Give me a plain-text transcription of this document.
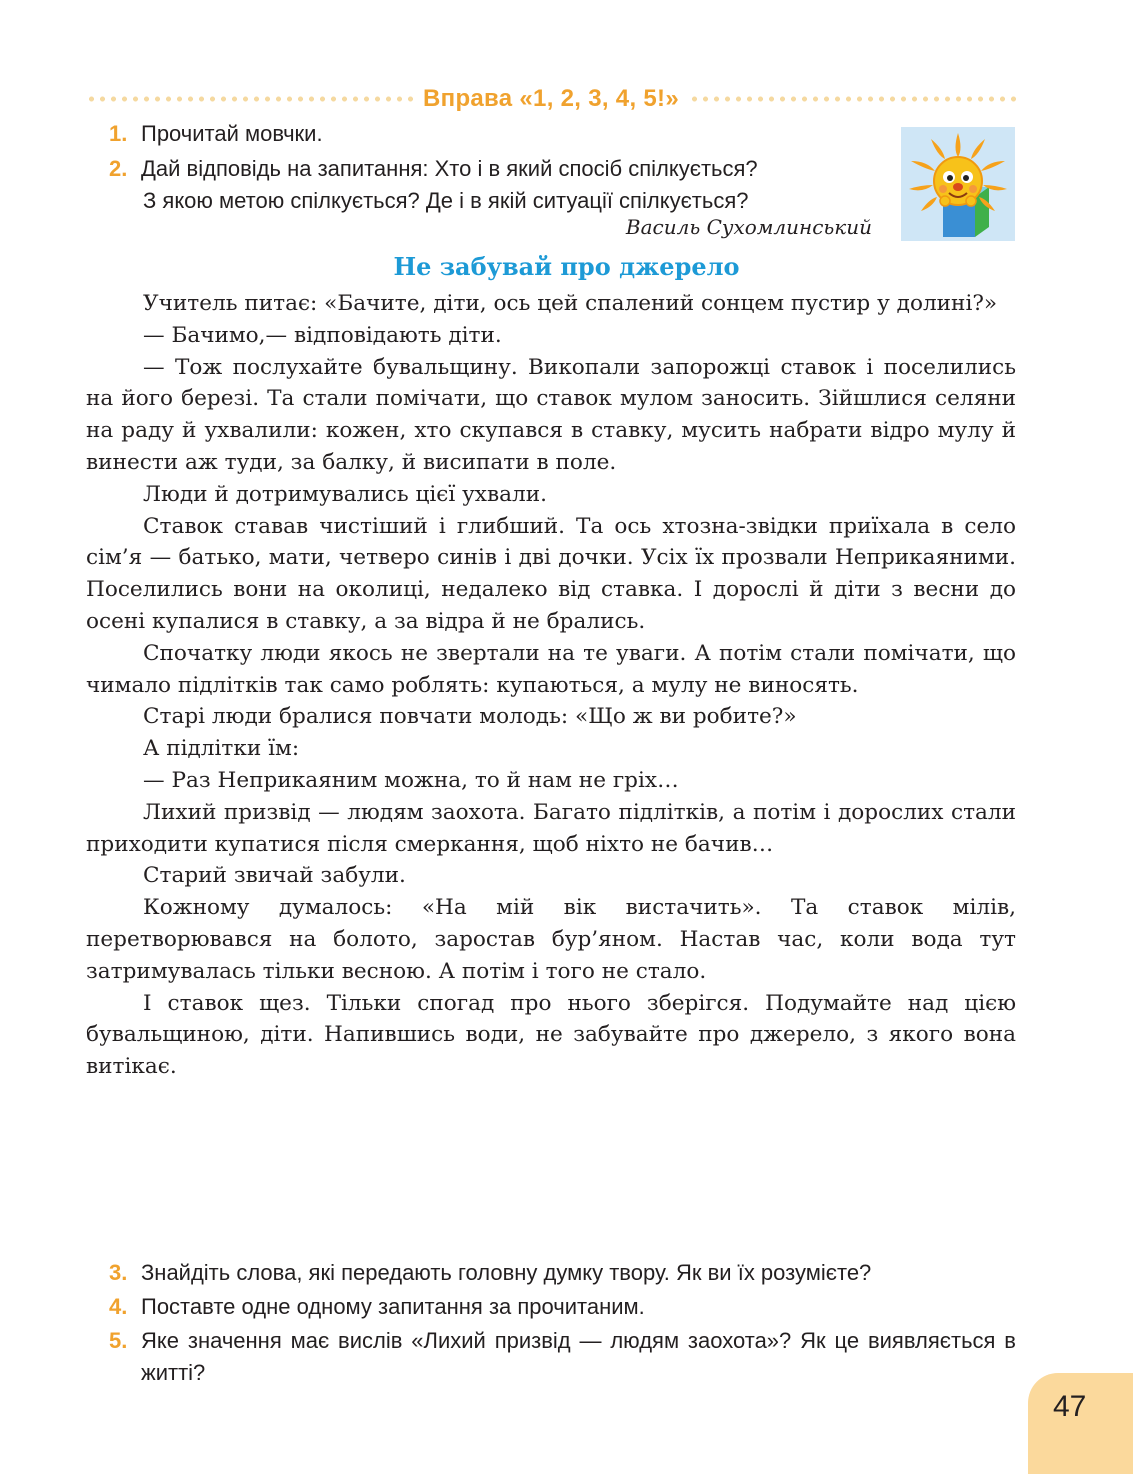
Вправа «1, 2, 3, 4, 5!»
1. Прочитай мовчки.
2. Дай відповідь на запитання: Хто і в який спосіб спілкується?
З якою метою спілкується? Де і в якій ситуації спілкується?
Василь Сухомлинський
Не забувай про джерело

Учитель питає: «Бачите, діти, ось цей спалений сонцем пустир у долині?»

— Бачимо,— відповідають діти.

— Тож послухайте бувальщину. Викопали запорожці ставок і поселились на його березі. Та стали помічати, що ставок мулом заносить. Зійшлися селяни на раду й ухвалили: кожен, хто скупався в ставку, мусить набрати відро мулу й винести аж туди, за балку, й висипати в поле.

Люди й дотримувались цієї ухвали.

Ставок ставав чистіший і глибший. Та ось хтозна-звідки приїхала в село сім’я — батько, мати, четверо синів і дві дочки. Усіх їх прозвали Неприкаяними. Поселились вони на околиці, недалеко від ставка. І дорослі й діти з весни до осені купалися в ставку, а за відра й не брались.

Спочатку люди якось не звертали на те уваги. А потім стали помічати, що чимало підлітків так само роблять: купаються, а мулу не виносять.

Старі люди бралися повчати молодь: «Що ж ви робите?»

А підлітки їм:

— Раз Неприкаяним можна, то й нам не гріх…

Лихий призвід — людям заохота. Багато підлітків, а потім і дорослих стали приходити купатися після смеркання, щоб ніхто не бачив…

Старий звичай забули.

Кожному думалось: «На мій вік вистачить». Та ставок мілів, перетворювався на болото, заростав бур’яном. Настав час, коли вода тут затримувалась тільки весною. А потім і того не стало.

І ставок щез. Тільки спогад про нього зберігся. Подумайте над цією бувальщиною, діти. Напившись води, не забувайте про джерело, з якого вона витікає.

3. Знайдіть слова, які передають головну думку твору. Як ви їх розумієте?
4. Поставте одне одному запитання за прочитаним.
5. Яке значення має вислів «Лихий призвід — людям заохота»? Як це виявляється в житті?
47
